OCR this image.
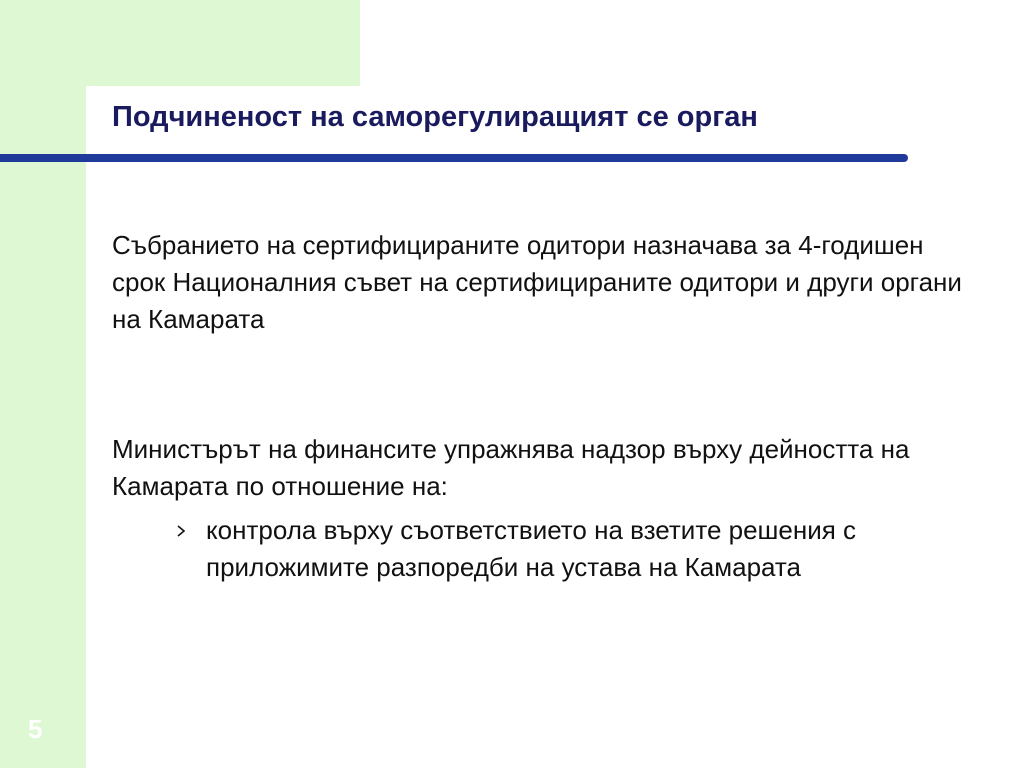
Подчиненост на саморегулиращият се орган

Събранието на сертифицираните одитори назначава за 4-годишен срок Националния съвет на сертифицираните одитори и други органи на Камарата

Министърът на финансите упражнява надзор върху дейността на Камарата по отношение на:

контрола върху съответствието на взетите решения с приложимите разпоредби на устава на Камарата

5
